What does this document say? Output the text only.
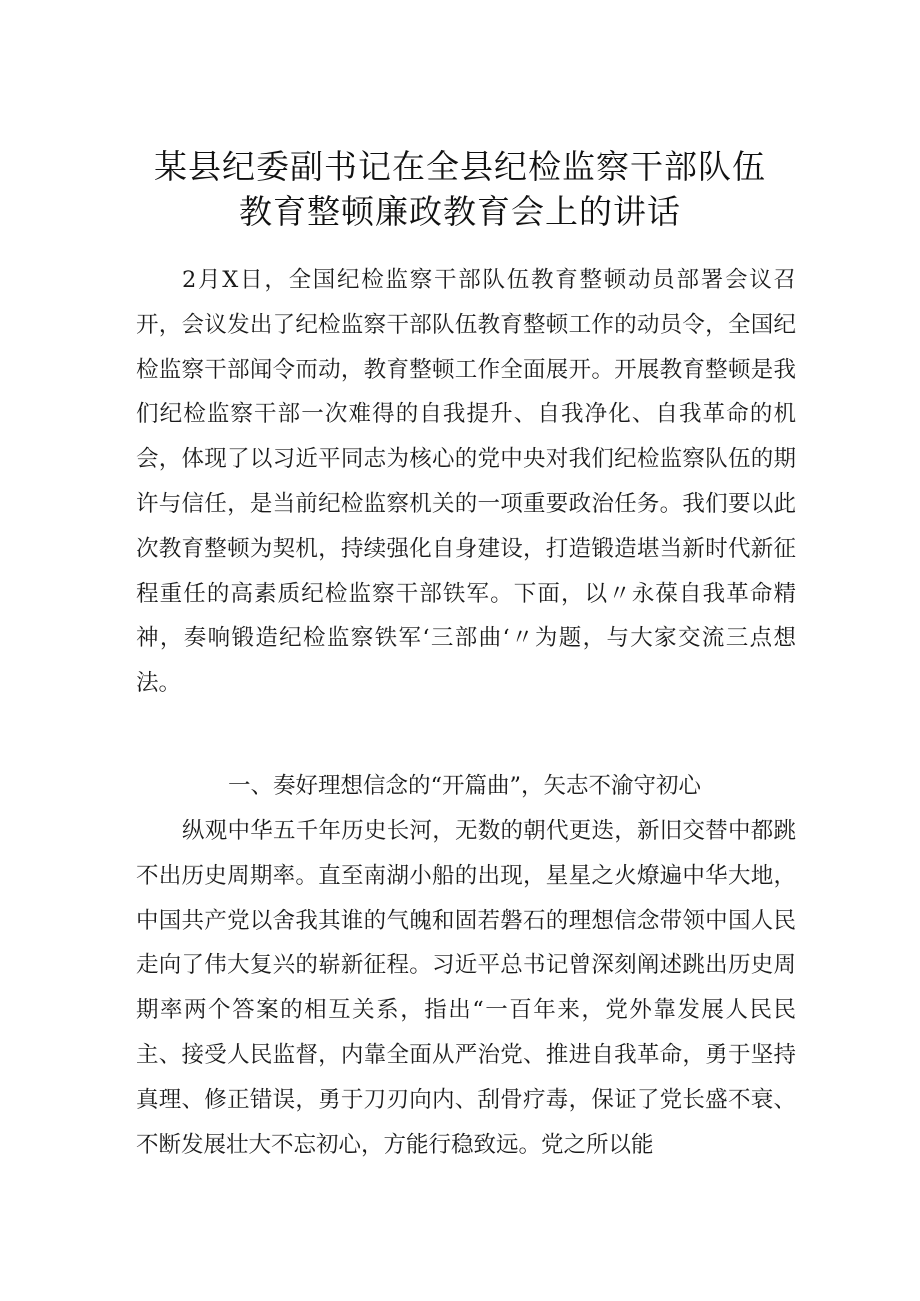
某县纪委副书记在全县纪检监察干部队伍
教育整顿廉政教育会上的讲话

2月X日，全国纪检监察干部队伍教育整顿动员部署会议召开，会议发出了纪检监察干部队伍教育整顿工作的动员令，全国纪检监察干部闻令而动，教育整顿工作全面展开。开展教育整顿是我们纪检监察干部一次难得的自我提升、自我净化、自我革命的机会，体现了以习近平同志为核心的党中央对我们纪检监察队伍的期许与信任，是当前纪检监察机关的一项重要政治任务。我们要以此次教育整顿为契机，持续强化自身建设，打造锻造堪当新时代新征程重任的高素质纪检监察干部铁军。下面，以〃永葆自我革命精神，奏响锻造纪检监察铁军‘三部曲‘〃为题，与大家交流三点想法。

一、奏好理想信念的“开篇曲”，矢志不渝守初心

纵观中华五千年历史长河，无数的朝代更迭，新旧交替中都跳不出历史周期率。直至南湖小船的出现，星星之火燎遍中华大地，中国共产党以舍我其谁的气魄和固若磐石的理想信念带领中国人民走向了伟大复兴的崭新征程。习近平总书记曾深刻阐述跳出历史周期率两个答案的相互关系，指出“一百年来，党外靠发展人民民主、接受人民监督，内靠全面从严治党、推进自我革命，勇于坚持真理、修正错误，勇于刀刃向内、刮骨疗毒，保证了党长盛不衰、不断发展壮大不忘初心，方能行稳致远。党之所以能
